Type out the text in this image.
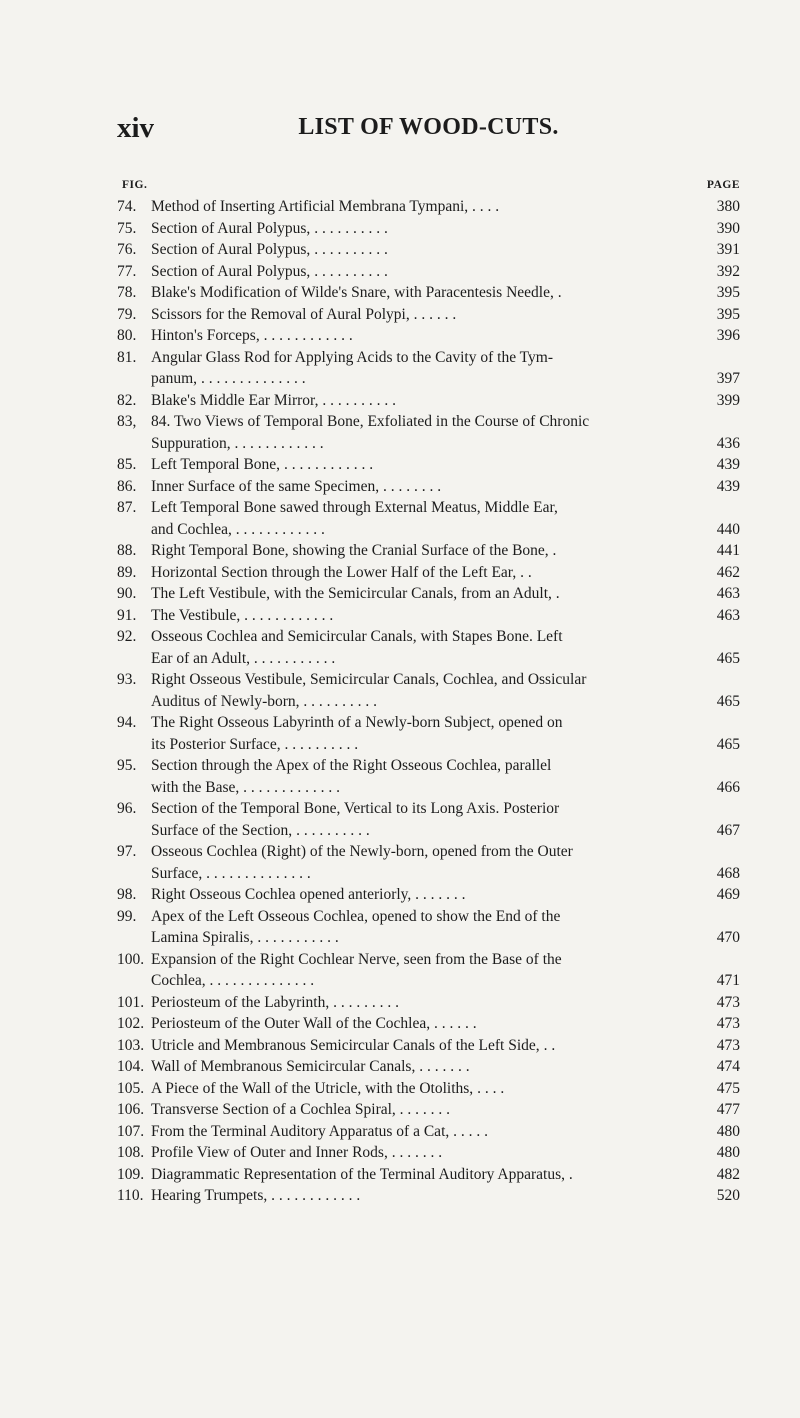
xiv	LIST OF WOOD-CUTS.
FIG.	PAGE
74. Method of Inserting Artificial Membrana Tympani, . . . .	380
75. Section of Aural Polypus, . . . . . . . . . .	390
76. Section of Aural Polypus, . . . . . . . . . .	391
77. Section of Aural Polypus, . . . . . . . . . .	392
78. Blake's Modification of Wilde's Snare, with Paracentesis Needle, .	395
79. Scissors for the Removal of Aural Polypi, . . . . . .	395
80. Hinton's Forceps, . . . . . . . . . . . .	396
81. Angular Glass Rod for Applying Acids to the Cavity of the Tym-
panum, . . . . . . . . . . . . . .	397
82. Blake's Middle Ear Mirror, . . . . . . . . . .	399
83, 84. Two Views of Temporal Bone, Exfoliated in the Course of Chronic
Suppuration, . . . . . . . . . . . .	436
85. Left Temporal Bone, . . . . . . . . . . . .	439
86. Inner Surface of the same Specimen, . . . . . . . .	439
87. Left Temporal Bone sawed through External Meatus, Middle Ear,
and Cochlea, . . . . . . . . . . . .	440
88. Right Temporal Bone, showing the Cranial Surface of the Bone, .	441
89. Horizontal Section through the Lower Half of the Left Ear, . .	462
90. The Left Vestibule, with the Semicircular Canals, from an Adult, .	463
91. The Vestibule, . . . . . . . . . . . .	463
92. Osseous Cochlea and Semicircular Canals, with Stapes Bone. Left
Ear of an Adult, . . . . . . . . . . .	465
93. Right Osseous Vestibule, Semicircular Canals, Cochlea, and Ossicular
Auditus of Newly-born, . . . . . . . . . .	465
94. The Right Osseous Labyrinth of a Newly-born Subject, opened on
its Posterior Surface, . . . . . . . . . .	465
95. Section through the Apex of the Right Osseous Cochlea, parallel
with the Base, . . . . . . . . . . . . .	466
96. Section of the Temporal Bone, Vertical to its Long Axis. Posterior
Surface of the Section, . . . . . . . . . .	467
97. Osseous Cochlea (Right) of the Newly-born, opened from the Outer
Surface, . . . . . . . . . . . . . .	468
98. Right Osseous Cochlea opened anteriorly, . . . . . . .	469
99. Apex of the Left Osseous Cochlea, opened to show the End of the
Lamina Spiralis, . . . . . . . . . . .	470
100. Expansion of the Right Cochlear Nerve, seen from the Base of the
Cochlea, . . . . . . . . . . . . . .	471
101. Periosteum of the Labyrinth, . . . . . . . . .	473
102. Periosteum of the Outer Wall of the Cochlea, . . . . . .	473
103. Utricle and Membranous Semicircular Canals of the Left Side, . .	473
104. Wall of Membranous Semicircular Canals, . . . . . . .	474
105. A Piece of the Wall of the Utricle, with the Otoliths, . . . .	475
106. Transverse Section of a Cochlea Spiral, . . . . . . .	477
107. From the Terminal Auditory Apparatus of a Cat, . . . . .	480
108. Profile View of Outer and Inner Rods, . . . . . . .	480
109. Diagrammatic Representation of the Terminal Auditory Apparatus, .	482
110. Hearing Trumpets, . . . . . . . . . . . .	520
